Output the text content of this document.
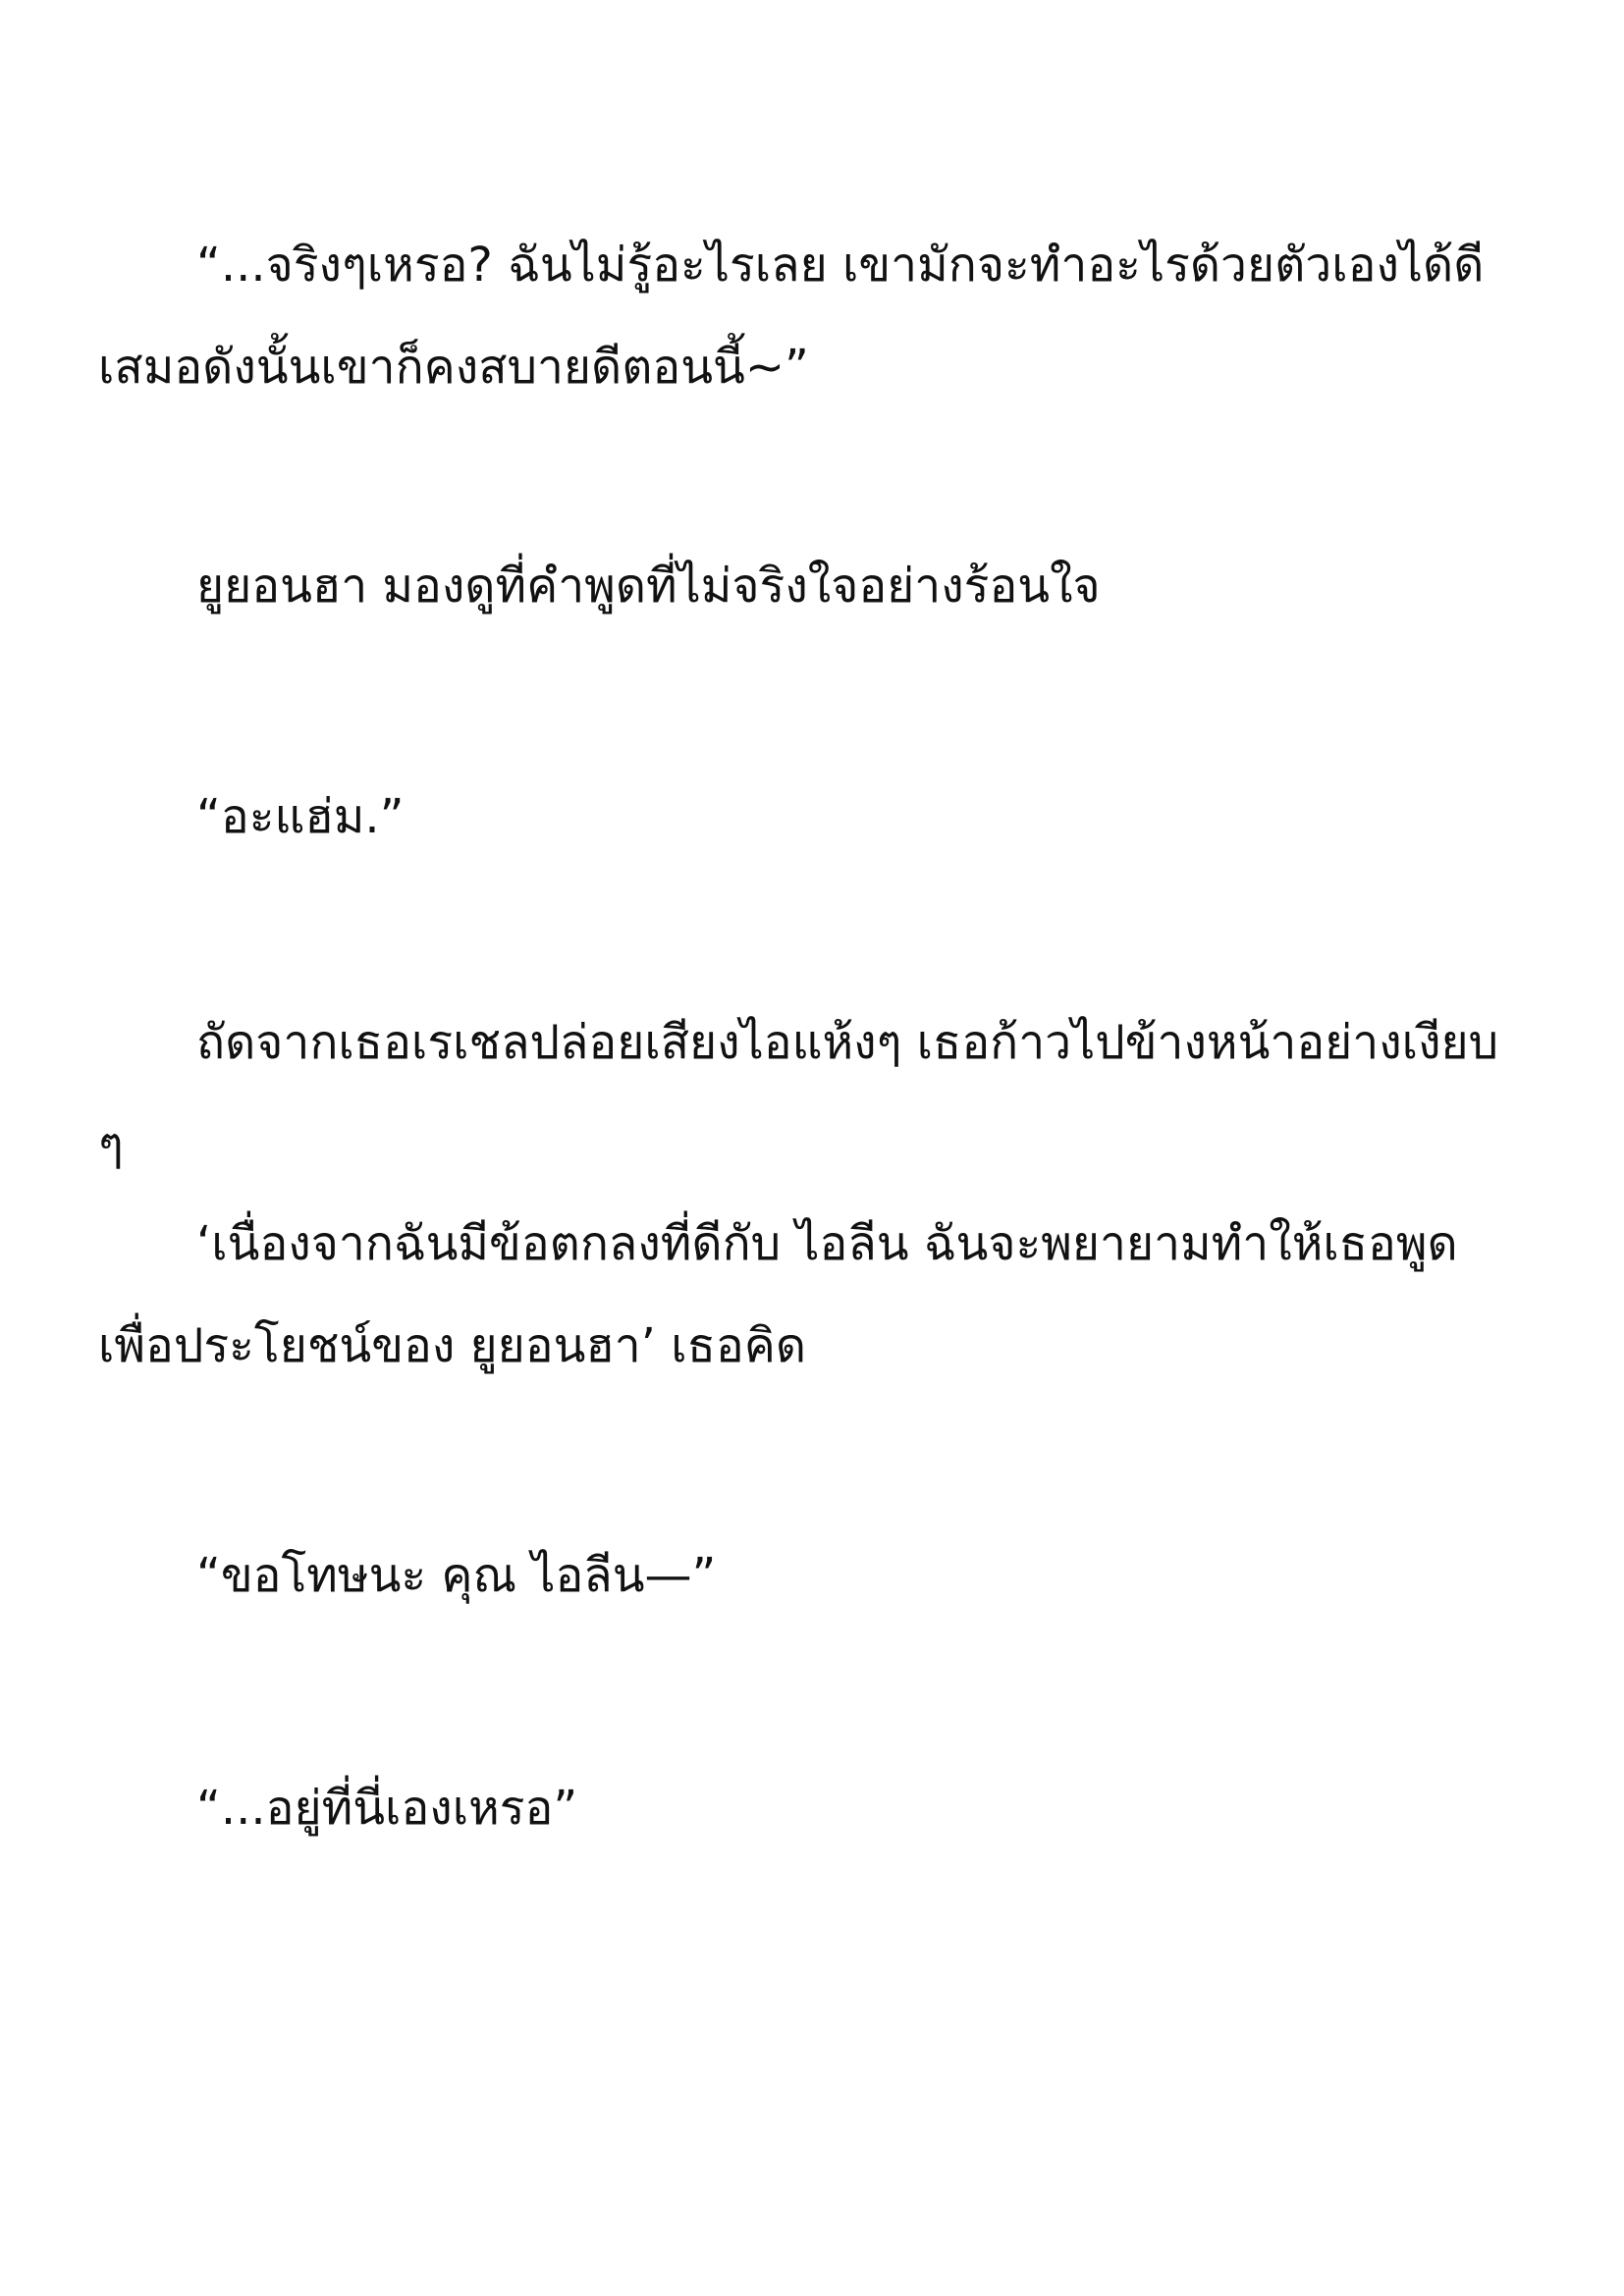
“...จริงๆเหรอ? ฉันไม่รู้อะไรเลย เขามักจะทำอะไรด้วยตัวเองได้ดีเสมอดังนั้นเขาก็คงสบายดีตอนนี้~”

ยูยอนฮา มองดูที่คำพูดที่ไม่จริงใจอย่างร้อนใจ

“อะแฮ่ม.”

ถัดจากเธอเรเชลปล่อยเสียงไอแห้งๆ เธอก้าวไปข้างหน้าอย่างเงียบ ๆ

‘เนื่องจากฉันมีข้อตกลงที่ดีกับ ไอลีน ฉันจะพยายามทำให้เธอพูดเพื่อประโยชน์ของ ยูยอนฮา’ เธอคิด

“ขอโทษนะ คุณ ไอลีน—”

“...อยู่ที่นี่เองเหรอ”
